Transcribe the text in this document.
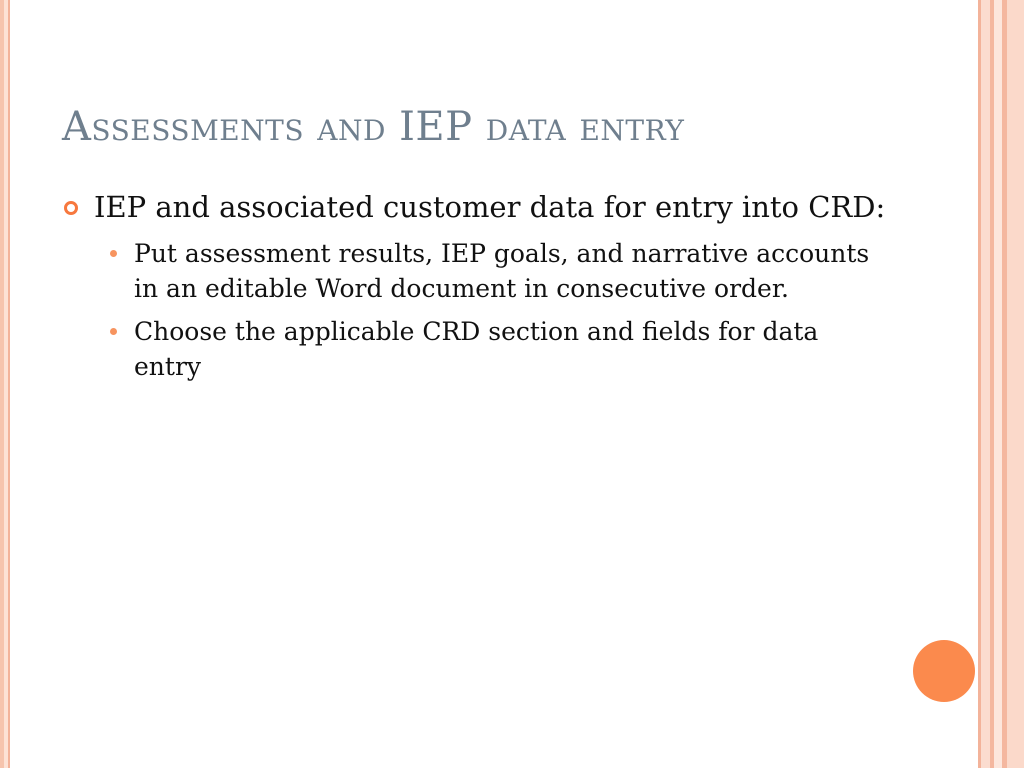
Assessments and IEP data entry
IEP and associated customer data for entry into CRD:
Put assessment results, IEP goals, and narrative accounts in an editable Word document in consecutive order.
Choose the applicable CRD section and fields for data entry
